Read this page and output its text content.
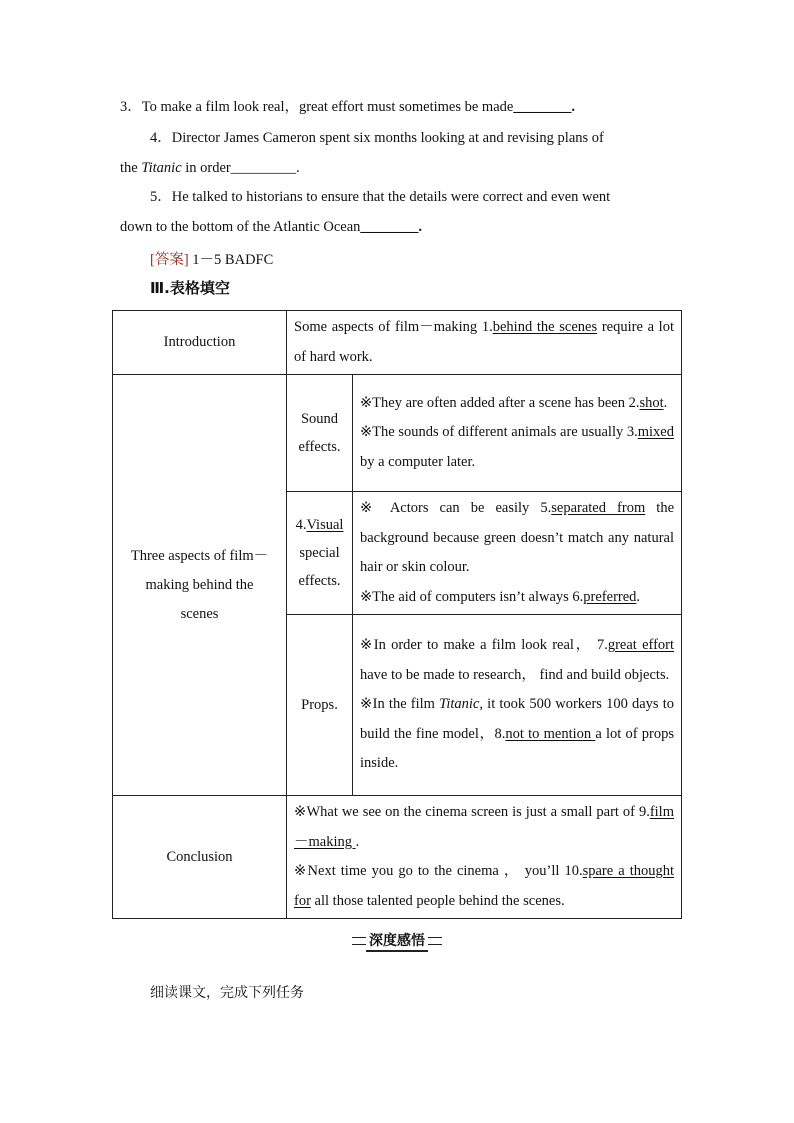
3．To make a film look real，great effort must sometimes be made________.
4．Director James Cameron spent six months looking at and revising plans of
the Titanic in order_________.
5．He talked to historians to ensure that the details were correct and even went
down to the bottom of the Atlantic Ocean________.
[答案] 1－5 BADFC
Ⅲ.表格填空
Introduction	Some aspects of film－making 1.behind the scenes require a lot of hard work.	

Three aspects of film－making behind the scenes	Sound effects.	※They are often added after a scene has been 2.shot.

※The sounds of different animals are usually 3.mixed by a computer later.

	4.Visual special effects.	※ Actors can be easily 5.separated from the background because green doesn’t match any natural hair or skin colour.

※The aid of computers isn’t always 6.preferred.

	Props.	※In order to make a film look real， 7.great effort have to be made to research， find and build objects.

※In the film Titanic, it took 500 workers 100 days to build the fine model，8.not to mention a lot of props inside.

Conclusion	※What we see on the cinema screen is just a small part of 9.film－making .

※Next time you go to the cinema ， you’ll 10.spare a thought for all those talented people behind the scenes.	

深度感悟
细读课文，完成下列任务
